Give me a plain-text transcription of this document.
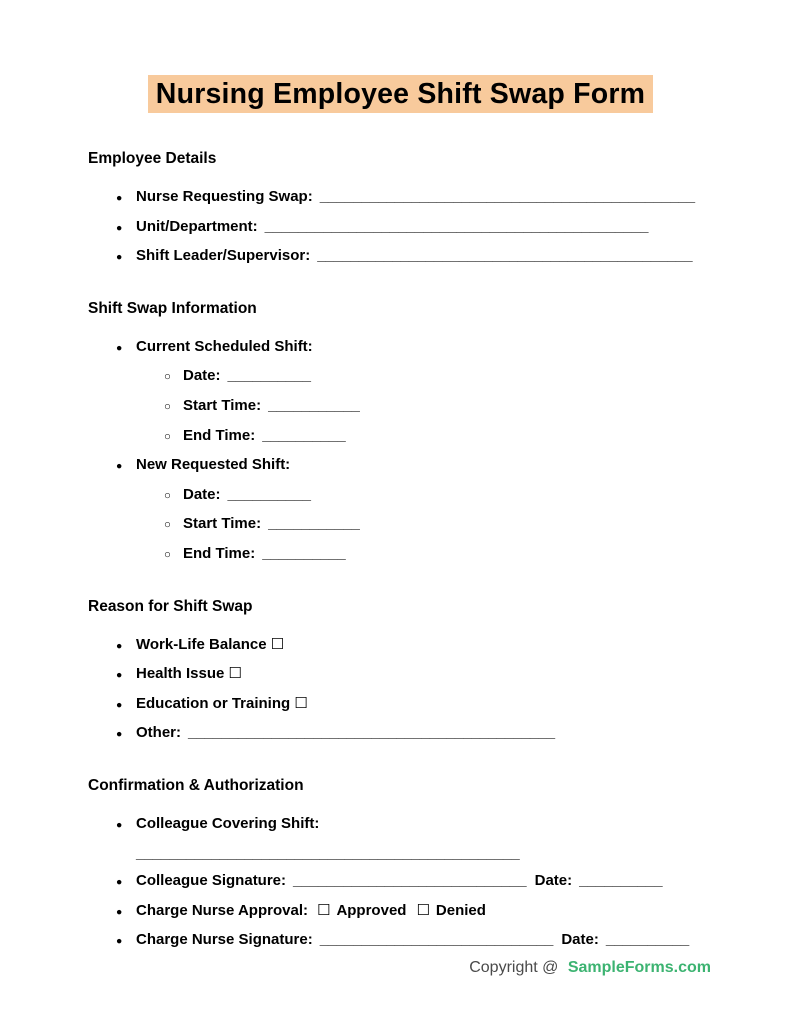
Nursing Employee Shift Swap Form
Employee Details
● Nurse Requesting Swap: _____________________________________________
● Unit/Department: ______________________________________________
● Shift Leader/Supervisor: _____________________________________________
Shift Swap Information
● Current Scheduled Shift:
○ Date: __________
○ Start Time: ___________
○ End Time: __________
● New Requested Shift:
○ Date: __________
○ Start Time: ___________
○ End Time: __________
Reason for Shift Swap
● Work-Life Balance ☐
● Health Issue ☐
● Education or Training ☐
● Other: ____________________________________________
Confirmation & Authorization
● Colleague Covering Shift:
______________________________________________
● Colleague Signature: ____________________________ Date: __________
● Charge Nurse Approval: ☐ Approved ☐ Denied
● Charge Nurse Signature: ____________________________ Date: __________
Copyright @ SampleForms.com
